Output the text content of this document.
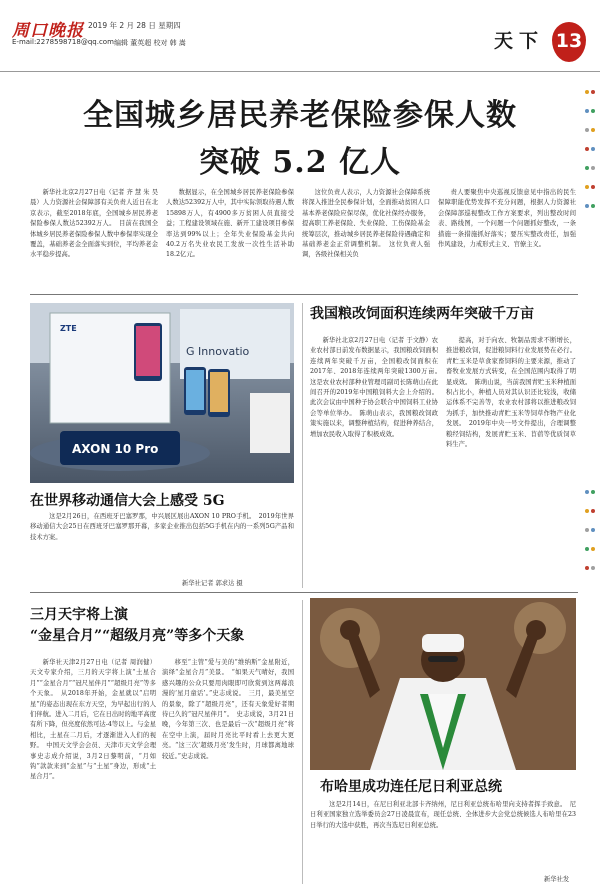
周口晚报 2019 年 2 月 28 日 星期四
E-mail:2278598718@qq.com 编辑 董英超 校对 韩 嵩	天下 13

全国城乡居民养老保险参保人数
突破 5.2 亿人

新华社北京2月27日电（记者 齐 慧 朱 昊 晨）人力资源社会保障部有关负责人近日在北京表示，截至2018年底，全国城乡居民养老保险参保人数达52392万人。　目前在我国全体城乡居民养老保险参保人数中参保率实现全覆盖，基础养老金全面落实到位，平均养老金水平稳步提高。

数据显示，在全国城乡居民养老保险参保人数达52392万人中，其中实际领取待遇人数15898万人，有4900多万贫困人员直接受益；工程建设领域在施、新开工建设项目参保率达到99%以上；全年失业保险基金共向40.2万名失业农民工发放一次性生活补助18.2亿元。

这位负责人表示，人力资源社会保障系统将深入推进全民参保计划，全面推动贫困人口基本养老保险应保尽保，优化社保经办服务，提高职工养老保险、失业保险、工伤保险基金统筹层次，推动城乡居民养老保险待遇确定和基础养老金正常调整机制。　这位负责人强调，各级社保相关负

责人要聚焦中央巡视反馈意见中指出的民生保障职能优势发挥不充分问题，根据人力资源社会保障部巡视整改工作方案要求，列出整改时间表、路线图，一个问题一个问题抓好整改，一条措施一条措施抓好落实；要压实整改责任，加强作风建设，力戒形式主义、官僚主义。

G Innovatio
ZTE
AXON 10 Pro
在世界移动通信大会上感受 5G

　这是2月26日，在西班牙巴塞罗那，中兴展区展出AXON 10 PRO手机。　2019年世界移动通信大会25日在西班牙巴塞罗那开幕，多家企业推出包括5G手机在内的一系列5G产品和技术方案。

新华社记者 郭求达 摄
我国粮改饲面积连续两年突破千万亩

新华社北京2月27日电（记者 于文静）农业农村部日前发布数据显示，我国粮改饲面积连续两年突破千万亩，全国粮改饲面积在2017年、2018年连续两年突破1300万亩。　这是农业农村部种业管理司副司长陈萌山在此间召开的2019年中国粮饲料大会上介绍的。此次会议由中国种子协会联合中国饲料工业协会等单位举办。　陈萌山表示，我国粮改饲政策实施以来，调整种植结构，促进种养结合，增加农民收入取得了积极成效。

提高，对于向农、牧制品需求不断增长，推进粮改饲，促进粮饲料行业发展势在必行。青贮玉米是草食家畜饲料的主要来源，推动了畜牧业发展方式转变，在全国范围内取得了明显成效。　陈萌山说，当前我国青贮玉米种植面积占比小，种植人员对其认识还比较浅，收储运体系不完善等，农业农村部将以推进粮改饲为抓手，加快推动青贮玉米等饲草作物产业化发展。　2019年中央一号文件提出，合理调整粮经饲结构，发展青贮玉米、苜蓿等优质饲草料生产。

三月天宇将上演
“金星合月”“超级月亮”等多个天象

新华社天津2月27日电（记者 周润健）天文专家介绍，三月的天宇将上演“土星合月”“金星合月”“冠尺星伴月”“超级月亮”等多个天象。　从2018年开始，金星就以“启明星”的姿态出现在东方天空，为早起出行的人们伴航。进入二月后，它在日出时的地平高度有所下降，但亮度依然可达-4等以上。与金星相比，土星在二月后，才逐渐进入人们的视野。　中国天文学会会员、天津市天文学会理事史志成介绍说，3月2日黎明前，“月如钩”款款来到“金星”与“土星”身边，形成“土星合月”。

移至“主管”爱与美的“维纳斯”金星附近，演绎“金星合月”美景。　“如果天气晴好，我国感兴趣的公众只要用肉眼即可欣赏到这两幕浪漫的‘星月童话’。”史志成说。　三月，最美星空的景象，除了“超级月亮”，还有天象爱好者期待已久的“冠尺星伴月”。　史志成说，3月21日晚，今年第三次、也是最后一次“超级月亮”将在空中上演，届时月亮比平时看上去更大更亮。“这三次‘超级月亮’发生时，月球都离地球较近。”史志成说。

布哈里成功连任尼日利亚总统

　这是2月14日，在尼日利亚北部卡齐纳州，尼日利亚总统布哈里向支持者挥手致意。　尼日利亚国家独立选举委员会27日凌晨宣布，现任总统、全体进步大会党总统候选人布哈里在23日举行的大选中获胜，再次当选尼日利亚总统。

新华社发
